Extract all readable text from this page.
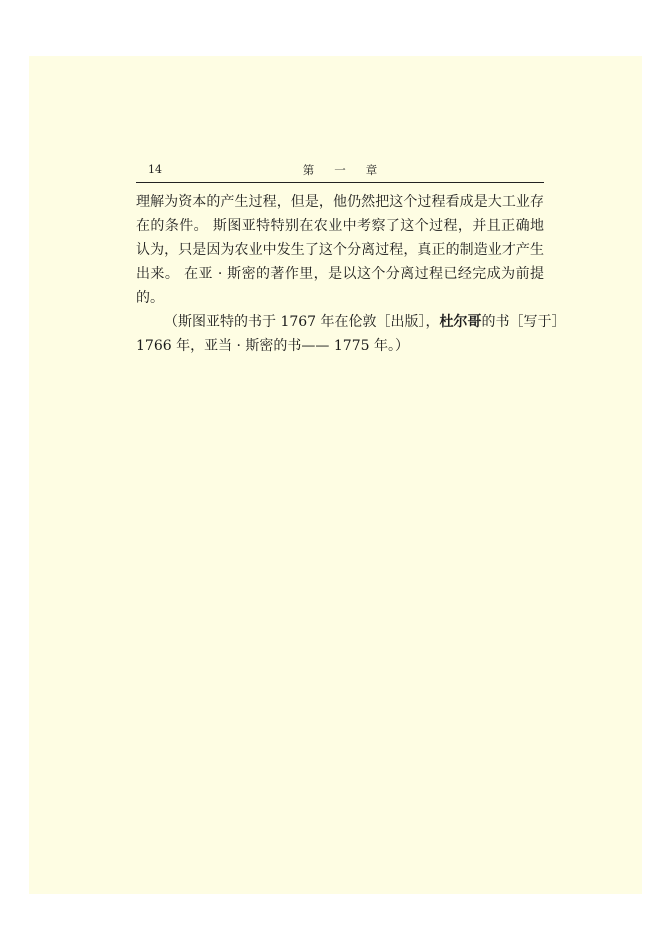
14	第一章
理解为资本的产生过程，但是，他仍然把这个过程看成是大工业存
在的条件。 斯图亚特特别在农业中考察了这个过程，并且正确地
认为，只是因为农业中发生了这个分离过程，真正的制造业才产生
出来。 在亚 · 斯密的著作里，是以这个分离过程已经完成为前提
的。
（斯图亚特的书于 1767 年在伦敦［出版］，杜尔哥的书［写于］
1766 年，亚当 · 斯密的书—— 1775 年。）
